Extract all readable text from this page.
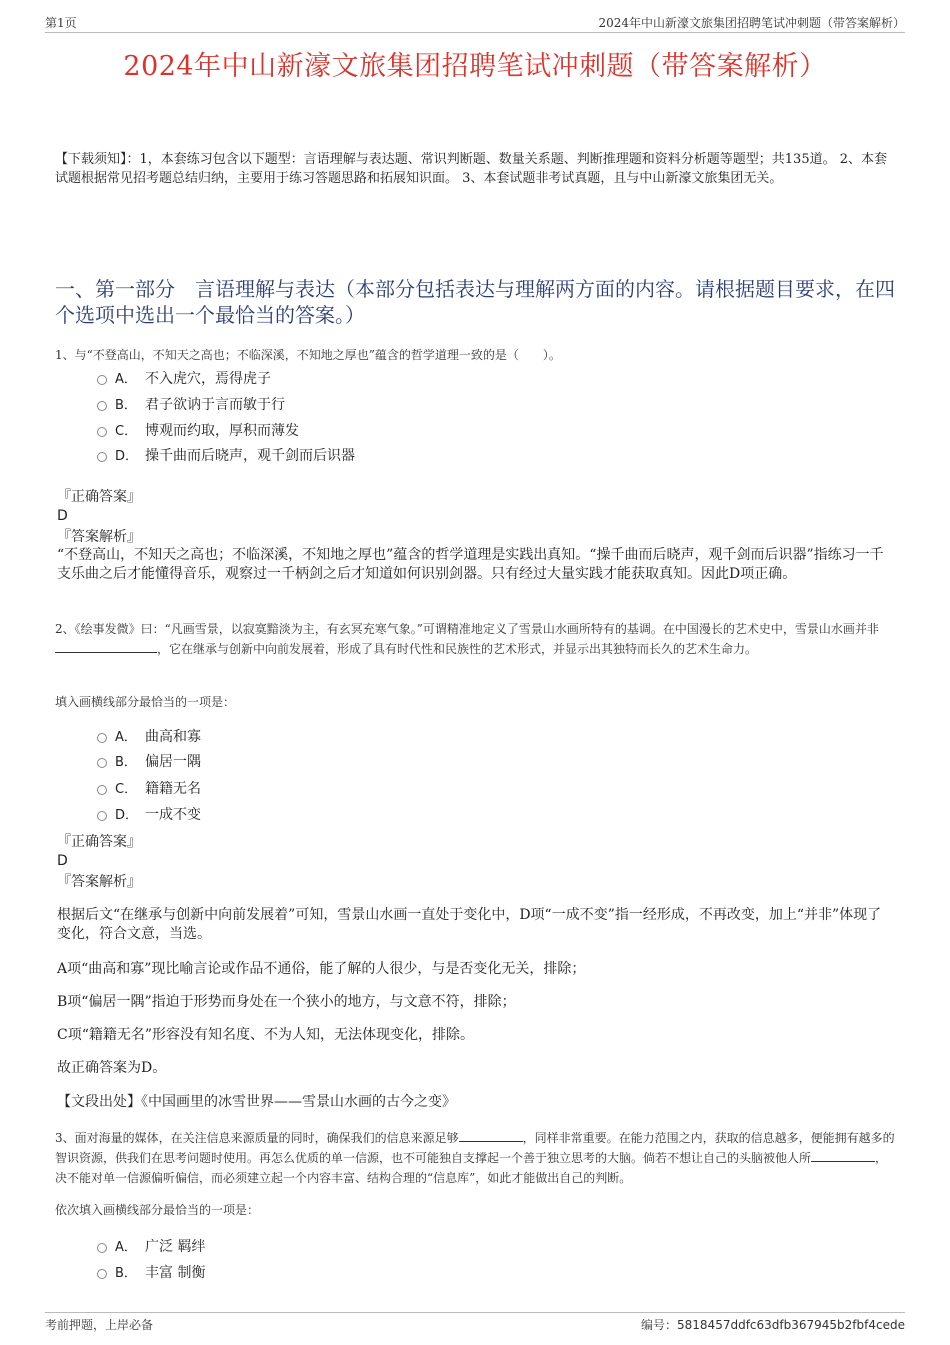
第1页	2024年中山新濠文旅集团招聘笔试冲刺题（带答案解析）
2024年中山新濠文旅集团招聘笔试冲刺题（带答案解析）
【下载须知】：1，本套练习包含以下题型：言语理解与表达题、常识判断题、数量关系题、判断推理题和资料分析题等题型；共135道。 2、本套试题根据常见招考题总结归纳，主要用于练习答题思路和拓展知识面。 3、本套试题非考试真题，且与中山新濠文旅集团无关。
一、第一部分　言语理解与表达（本部分包括表达与理解两方面的内容。请根据题目要求，在四个选项中选出一个最恰当的答案。）
1、与“不登高山，不知天之高也；不临深溪，不知地之厚也”蕴含的哲学道理一致的是（　　）。
A． 不入虎穴，焉得虎子
B． 君子欲讷于言而敏于行
C． 博观而约取，厚积而薄发
D． 操千曲而后晓声，观千剑而后识器
『正确答案』
D
『答案解析』
“不登高山，不知天之高也；不临深溪，不知地之厚也”蕴含的哲学道理是实践出真知。“操千曲而后晓声，观千剑而后识器”指练习一千支乐曲之后才能懂得音乐，观察过一千柄剑之后才知道如何识别剑器。只有经过大量实践才能获取真知。因此D项正确。
2、《绘事发微》曰：“凡画雪景，以寂寞黯淡为主，有玄冥充寒气象。”可谓精准地定义了雪景山水画所特有的基调。在中国漫长的艺术史中，雪景山水画并非，它在继承与创新中向前发展着，形成了具有时代性和民族性的艺术形式，并显示出其独特而长久的艺术生命力。
填入画横线部分最恰当的一项是：
A． 曲高和寡
B． 偏居一隅
C． 籍籍无名
D． 一成不变
『正确答案』
D
『答案解析』
根据后文“在继承与创新中向前发展着”可知，雪景山水画一直处于变化中，D项“一成不变”指一经形成，不再改变，加上“并非”体现了变化，符合文意，当选。
A项“曲高和寡”现比喻言论或作品不通俗，能了解的人很少，与是否变化无关，排除；
B项“偏居一隅”指迫于形势而身处在一个狭小的地方，与文意不符，排除；
C项“籍籍无名”形容没有知名度、不为人知，无法体现变化，排除。
故正确答案为D。
【文段出处】《中国画里的冰雪世界——雪景山水画的古今之变》
3、面对海量的媒体，在关注信息来源质量的同时，确保我们的信息来源足够	，同样非常重要。在能力范围之内，获取的信息越多，便能拥有越多的智识资源，供我们在思考问题时使用。再怎么优质的单一信源，也不可能独自支撑起一个善于独立思考的大脑。倘若不想让自己的头脑被他人所	，决不能对单一信源偏听偏信，而必须建立起一个内容丰富、结构合理的“信息库”，如此才能做出自己的判断。
依次填入画横线部分最恰当的一项是：
A． 广泛 羁绊
B． 丰富 制衡
考前押题，上岸必备	编号：5818457ddfc63dfb367945b2fbf4cede
